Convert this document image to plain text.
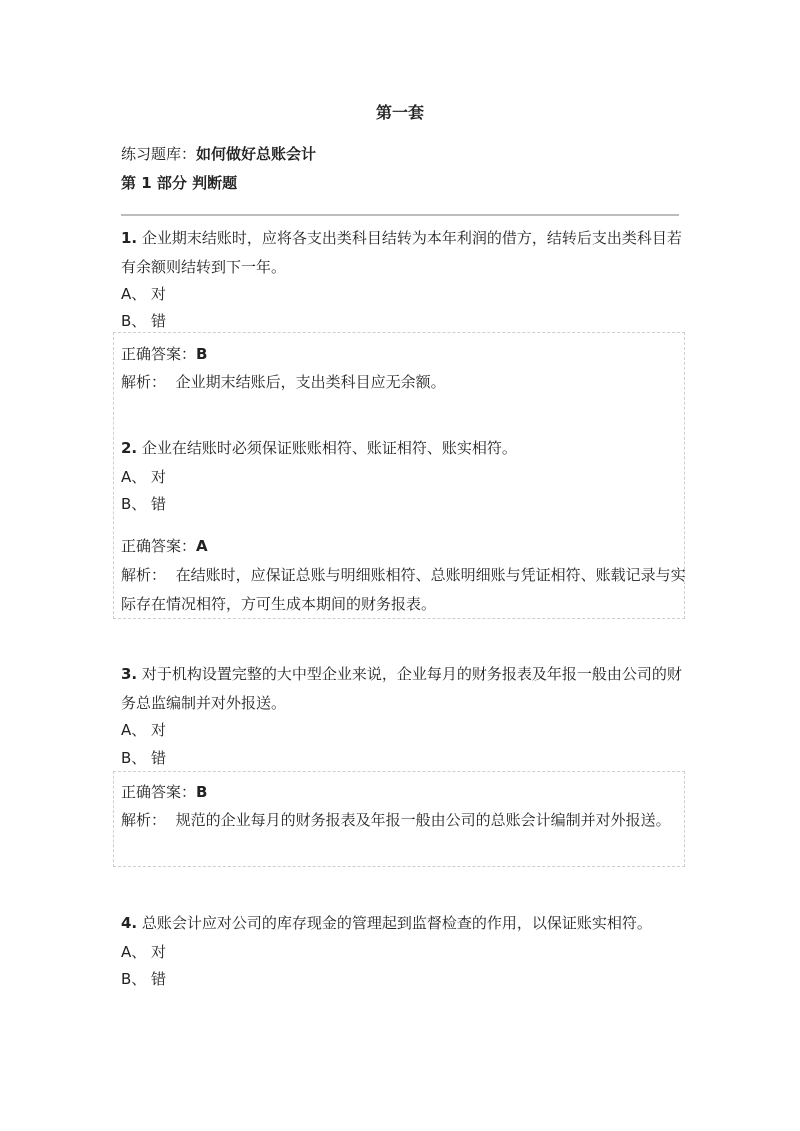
第一套
练习题库：如何做好总账会计
第 1 部分 判断题
1. 企业期末结账时，应将各支出类科目结转为本年利润的借方，结转后支出类科目若有余额则结转到下一年。
A、 对
B、 错
正确答案：B
解析： 企业期末结账后，支出类科目应无余额。
2. 企业在结账时必须保证账账相符、账证相符、账实相符。
A、 对
B、 错
正确答案：A
解析： 在结账时，应保证总账与明细账相符、总账明细账与凭证相符、账载记录与实际存在情况相符，方可生成本期间的财务报表。
3. 对于机构设置完整的大中型企业来说，企业每月的财务报表及年报一般由公司的财务总监编制并对外报送。
A、 对
B、 错
正确答案：B
解析： 规范的企业每月的财务报表及年报一般由公司的总账会计编制并对外报送。
4. 总账会计应对公司的库存现金的管理起到监督检查的作用，以保证账实相符。
A、 对
B、 错
